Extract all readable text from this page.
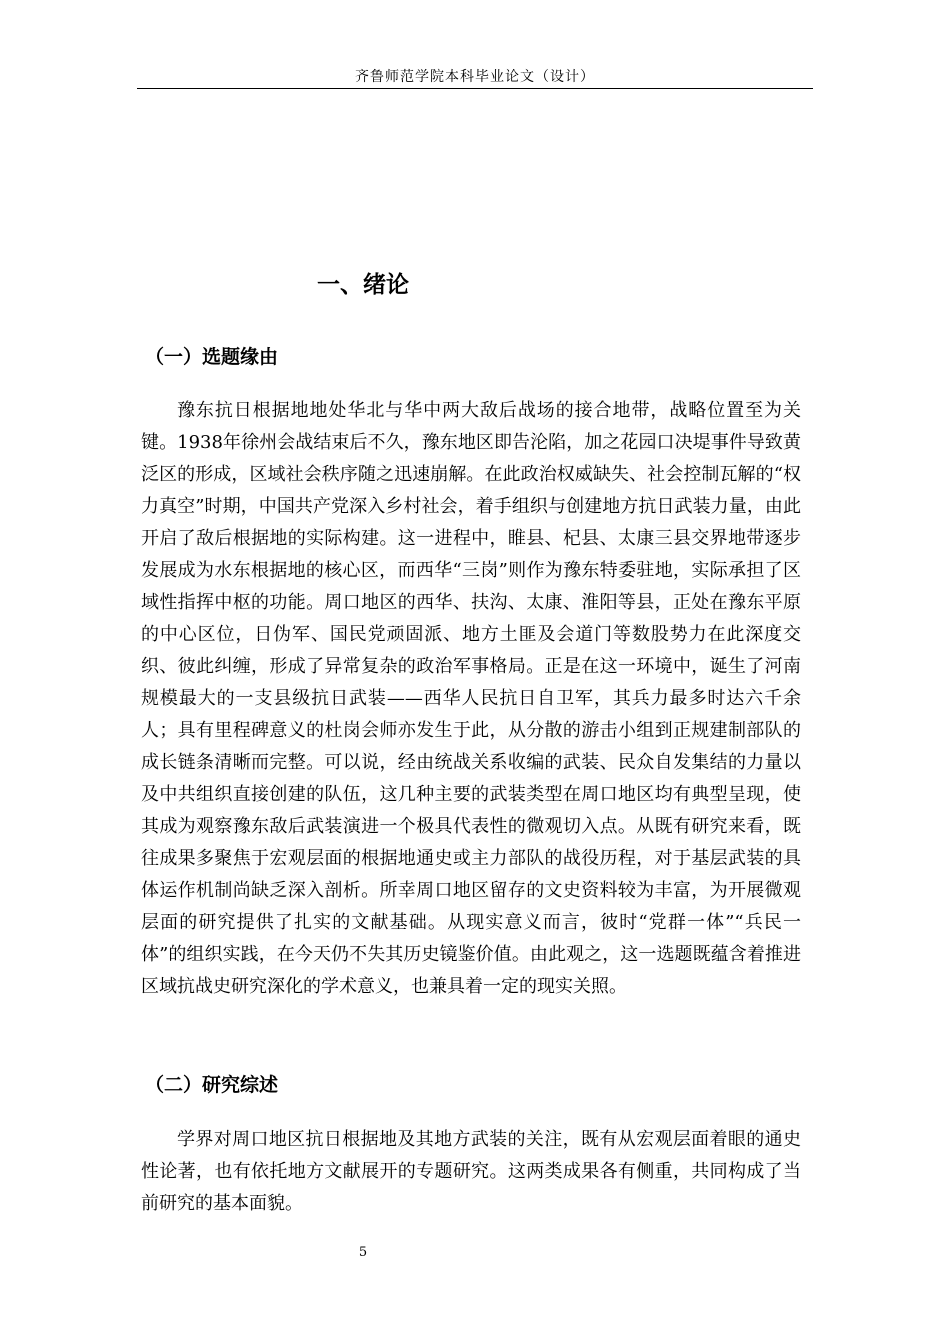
齐鲁师范学院本科毕业论文（设计）
一、绪论
（一）选题缘由

豫东抗日根据地地处华北与华中两大敌后战场的接合地带，战略位置至为关键。1938年徐州会战结束后不久，豫东地区即告沦陷，加之花园口决堤事件导致黄泛区的形成，区域社会秩序随之迅速崩解。在此政治权威缺失、社会控制瓦解的“权力真空”时期，中国共产党深入乡村社会，着手组织与创建地方抗日武装力量，由此开启了敌后根据地的实际构建。这一进程中，睢县、杞县、太康三县交界地带逐步发展成为水东根据地的核心区，而西华“三岗”则作为豫东特委驻地，实际承担了区域性指挥中枢的功能。周口地区的西华、扶沟、太康、淮阳等县，正处在豫东平原的中心区位，日伪军、国民党顽固派、地方土匪及会道门等数股势力在此深度交织、彼此纠缠，形成了异常复杂的政治军事格局。正是在这一环境中，诞生了河南规模最大的一支县级抗日武装——西华人民抗日自卫军，其兵力最多时达六千余人；具有里程碑意义的杜岗会师亦发生于此，从分散的游击小组到正规建制部队的成长链条清晰而完整。可以说，经由统战关系收编的武装、民众自发集结的力量以及中共组织直接创建的队伍，这几种主要的武装类型在周口地区均有典型呈现，使其成为观察豫东敌后武装演进一个极具代表性的微观切入点。从既有研究来看，既往成果多聚焦于宏观层面的根据地通史或主力部队的战役历程，对于基层武装的具体运作机制尚缺乏深入剖析。所幸周口地区留存的文史资料较为丰富，为开展微观层面的研究提供了扎实的文献基础。从现实意义而言，彼时“党群一体”“兵民一体”的组织实践，在今天仍不失其历史镜鉴价值。由此观之，这一选题既蕴含着推进区域抗战史研究深化的学术意义，也兼具着一定的现实关照。

（二）研究综述

学界对周口地区抗日根据地及其地方武装的关注，既有从宏观层面着眼的通史性论著，也有依托地方文献展开的专题研究。这两类成果各有侧重，共同构成了当前研究的基本面貌。

5
